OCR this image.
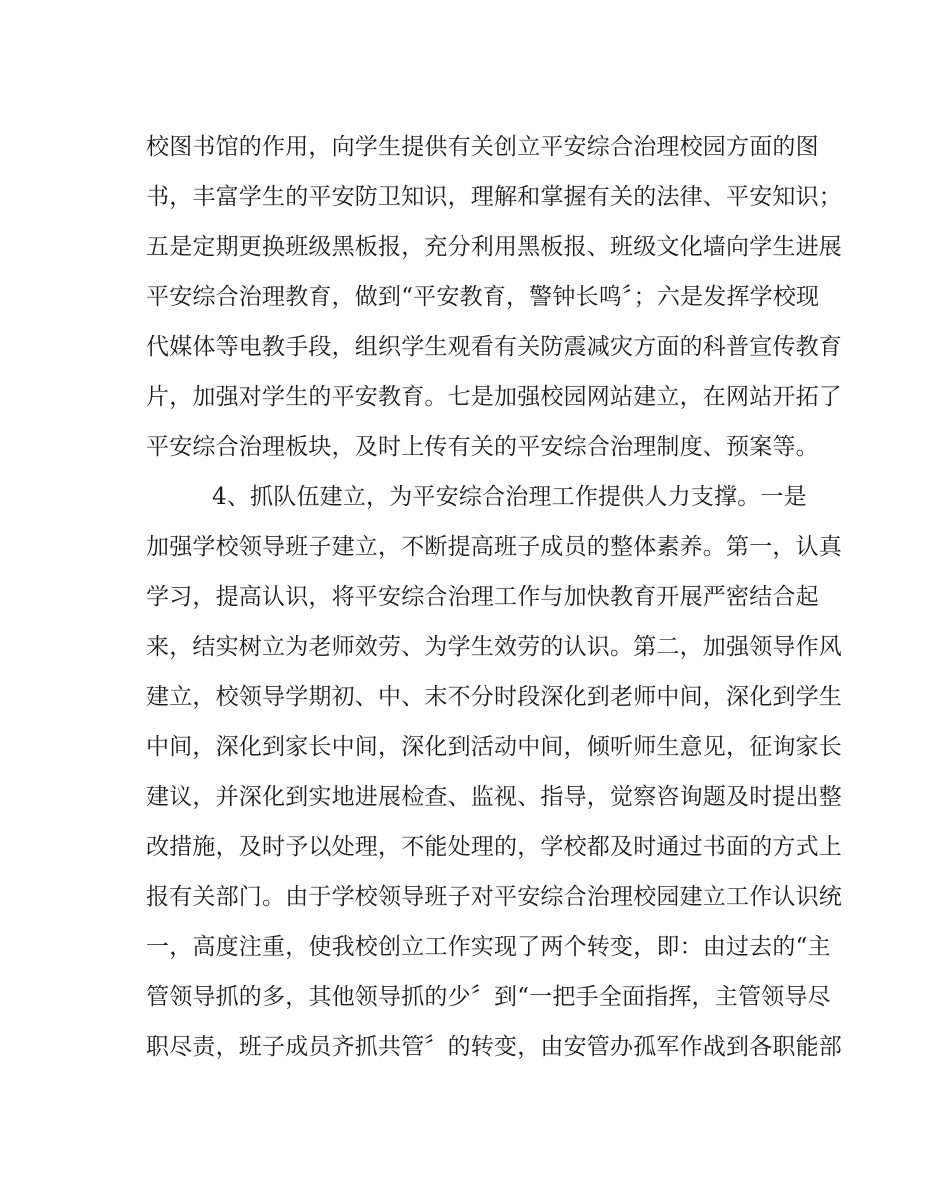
校图书馆的作用，向学生提供有关创立平安综合治理校园方面的图
书，丰富学生的平安防卫知识，理解和掌握有关的法律、平安知识；
五是定期更换班级黑板报，充分利用黑板报、班级文化墙向学生进展
平安综合治理教育，做到“平安教育，警钟长鸣〞；六是发挥学校现
代媒体等电教手段，组织学生观看有关防震减灾方面的科普宣传教育
片，加强对学生的平安教育。七是加强校园网站建立，在网站开拓了
平安综合治理板块，及时上传有关的平安综合治理制度、预案等。
4、抓队伍建立，为平安综合治理工作提供人力支撑。一是
加强学校领导班子建立，不断提高班子成员的整体素养。第一，认真
学习，提高认识，将平安综合治理工作与加快教育开展严密结合起
来，结实树立为老师效劳、为学生效劳的认识。第二，加强领导作风
建立，校领导学期初、中、末不分时段深化到老师中间，深化到学生
中间，深化到家长中间，深化到活动中间，倾听师生意见，征询家长
建议，并深化到实地进展检查、监视、指导，觉察咨询题及时提出整
改措施，及时予以处理，不能处理的，学校都及时通过书面的方式上
报有关部门。由于学校领导班子对平安综合治理校园建立工作认识统
一，高度注重，使我校创立工作实现了两个转变，即：由过去的“主
管领导抓的多，其他领导抓的少〞到“一把手全面指挥，主管领导尽
职尽责，班子成员齐抓共管〞的转变，由安管办孤军作战到各职能部
